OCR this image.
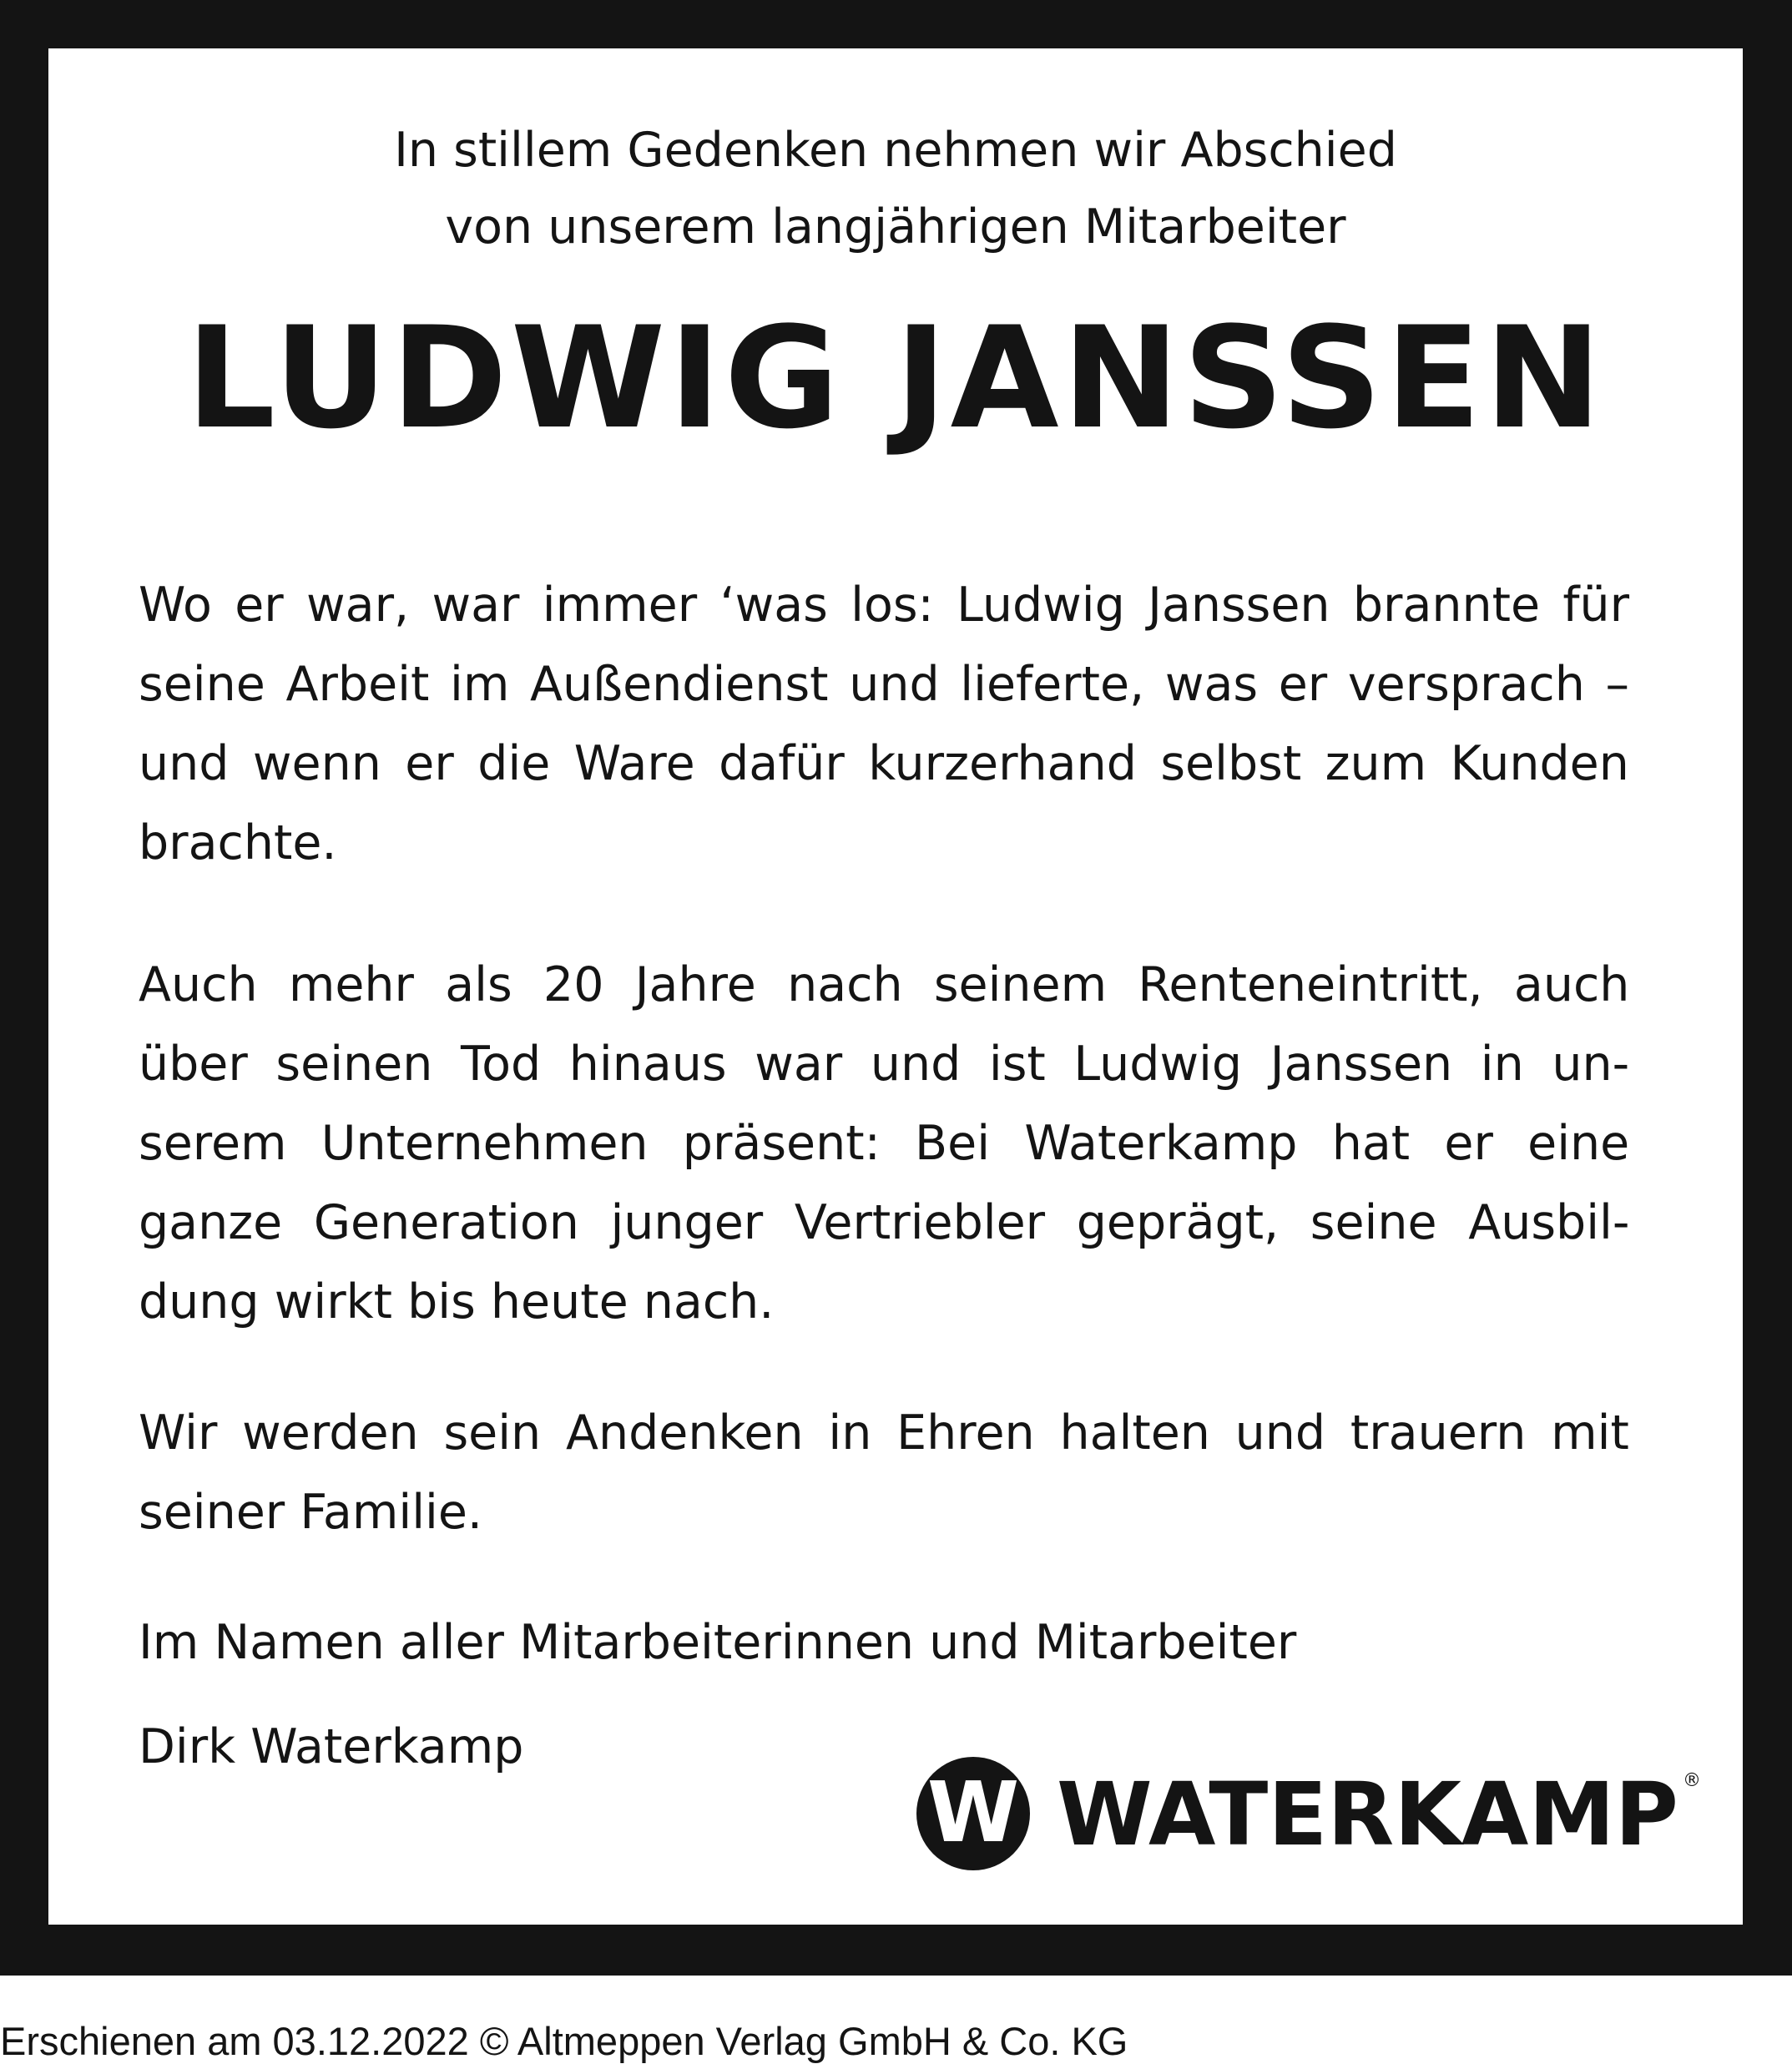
In stillem Gedenken nehmen wir Abschied
von unserem langjährigen Mitarbeiter
LUDWIG JANSSEN
Wo er war, war immer ‘was los: Ludwig Janssen brannte für
seine Arbeit im Außendienst und lieferte, was er versprach –
und wenn er die Ware dafür kurzerhand selbst zum Kunden
brachte.
Auch mehr als 20 Jahre nach seinem Renteneintritt, auch
über seinen Tod hinaus war und ist Ludwig Janssen in un-
serem Unternehmen präsent: Bei Waterkamp hat er eine
ganze Generation junger Vertriebler geprägt, seine Ausbil-
dung wirkt bis heute nach.
Wir werden sein Andenken in Ehren halten und trauern mit
seiner Familie.
Im Namen aller Mitarbeiterinnen und Mitarbeiter
Dirk Waterkamp
W WATERKAMP ®
Erschienen am 03.12.2022 © Altmeppen Verlag GmbH & Co. KG
